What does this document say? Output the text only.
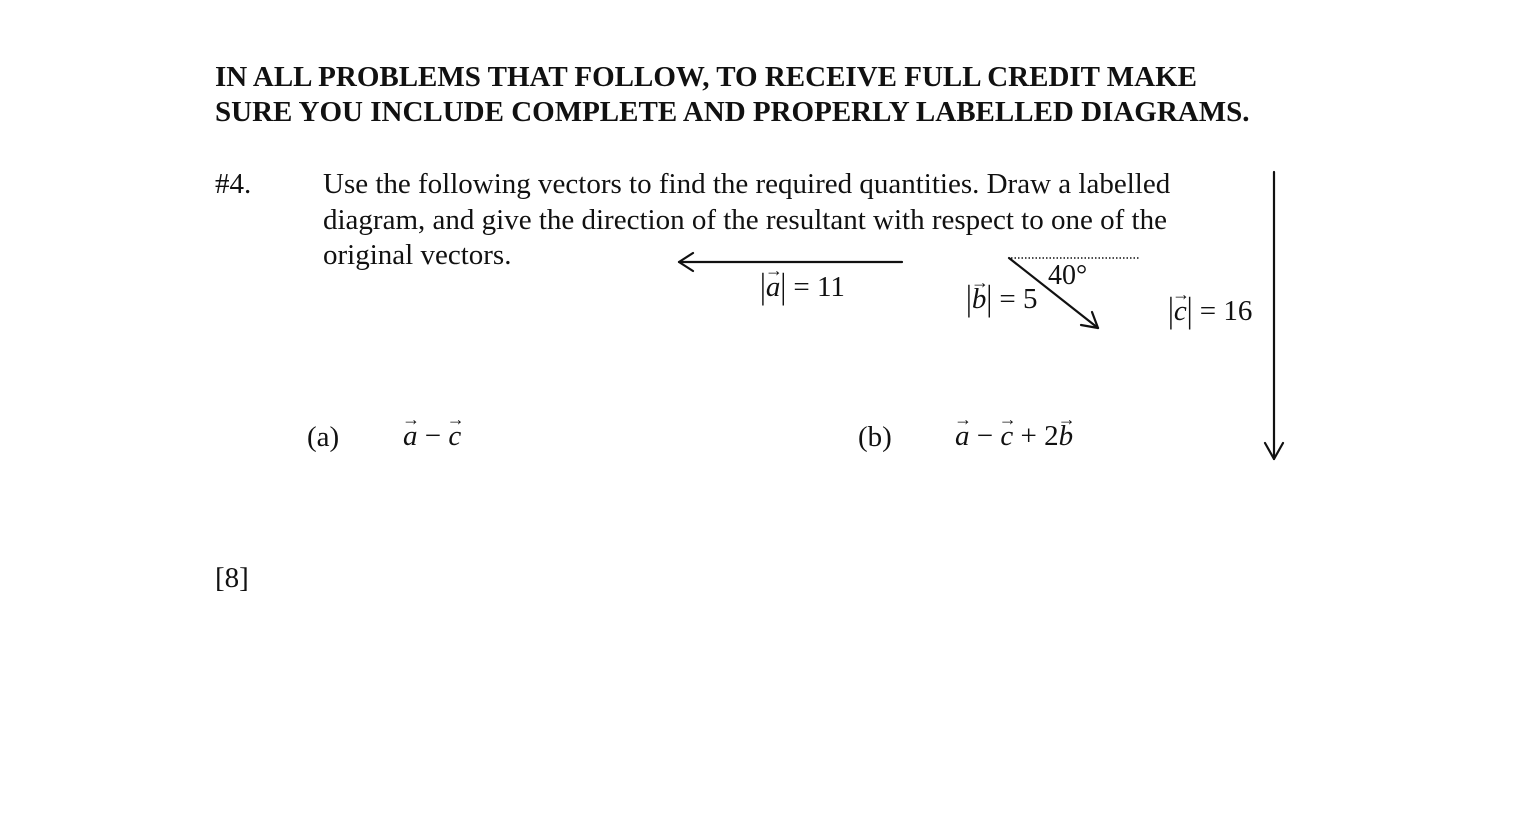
IN ALL PROBLEMS THAT FOLLOW, TO RECEIVE FULL CREDIT MAKE
SURE YOU INCLUDE COMPLETE AND PROPERLY LABELLED DIAGRAMS.
#4. Use the following vectors to find the required quantities. Draw a labelled
diagram, and give the direction of the resultant with respect to one of the
original vectors.
|→ a| = 11	|→ b| = 5
40°
|→ c| = 16
(a) → a − → c	(b) → a − → c + 2→ b
[8]
